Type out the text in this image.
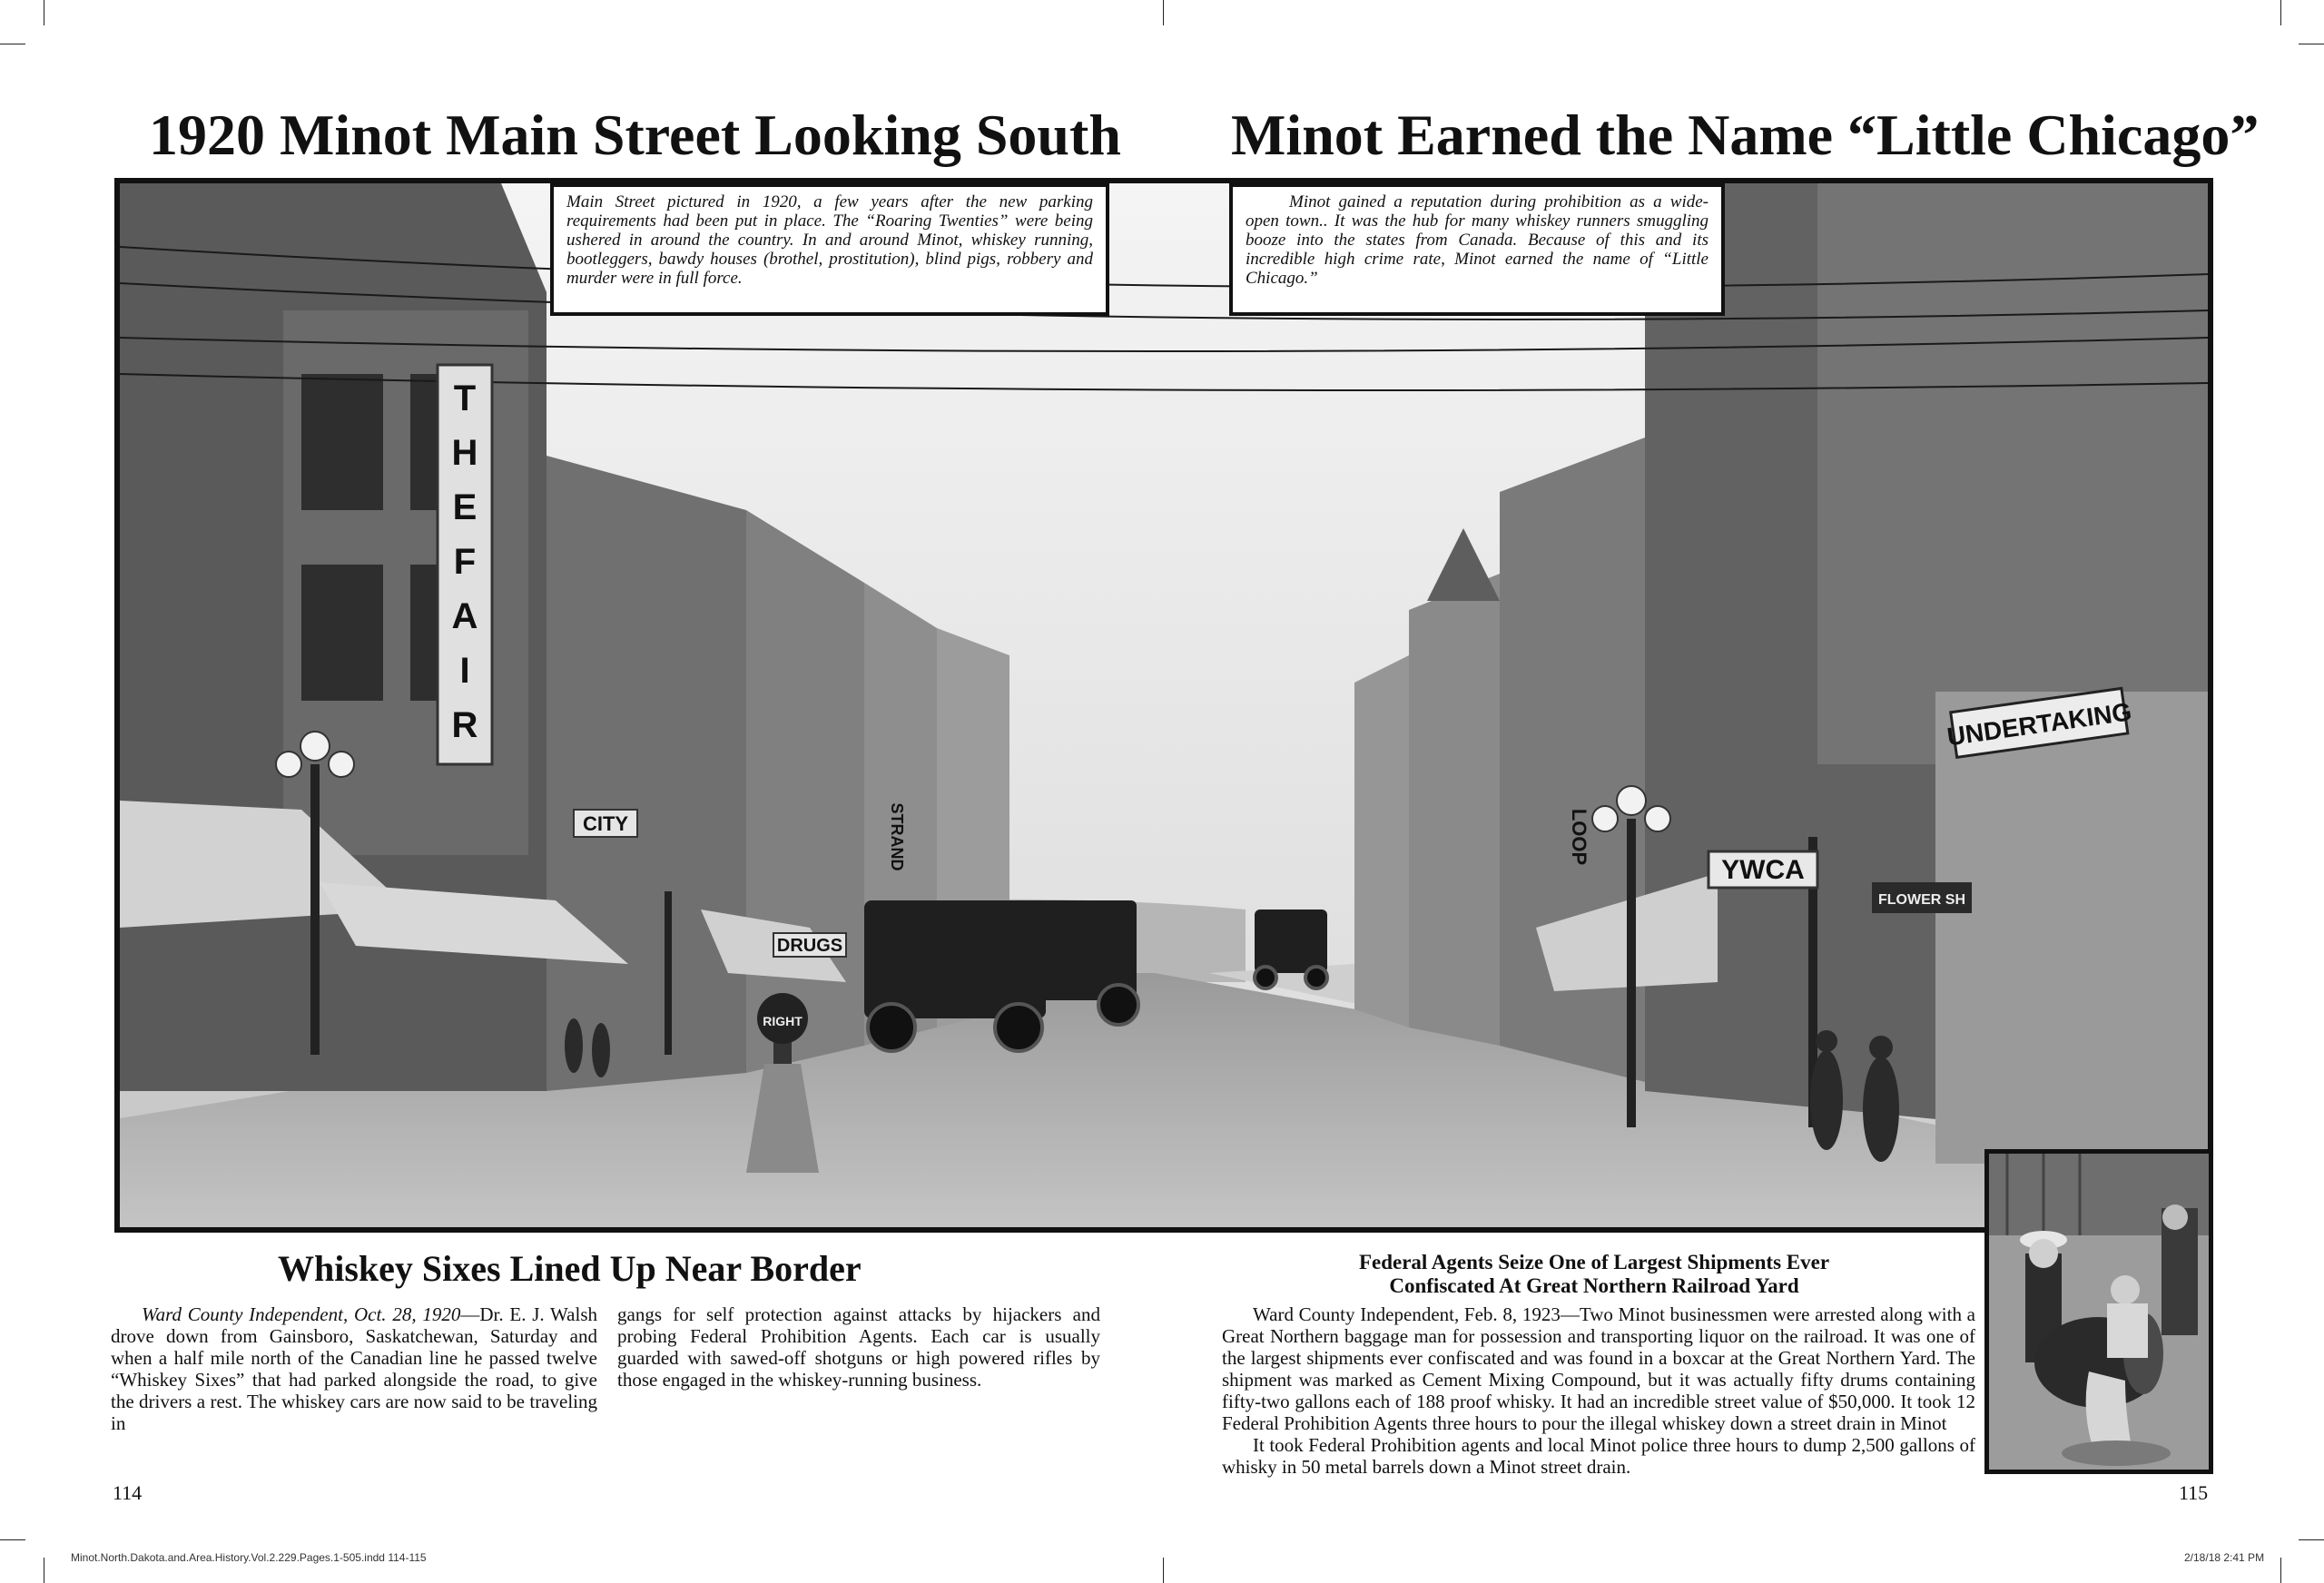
1920 Minot Main Street Looking South Minot Earned the Name “Little Chicago”
RIGHT
T
H
E
F
A
I
R
CITY
DRUGS
STRAND	LOOP
YWCA
FLOWER SH
UNDERTAKING
Main Street pictured in 1920, a few years after the new parking requirements had been put in place. The “Roaring Twenties” were being ushered in around the country. In and around Minot, whiskey running, bootleggers, bawdy houses (brothel, prostitution), blind pigs, robbery and murder were in full force.
Minot gained a reputation during prohibition as a wide-open town.. It was the hub for many whiskey runners smuggling booze into the states from Canada. Because of this and its incredible high crime rate, Minot earned the name of “Little Chicago.”
Whiskey Sixes Lined Up Near Border

Ward County Independent, Oct. 28, 1920—Dr. E. J. Walsh drove down from Gainsboro, Saskatchewan, Saturday and when a half mile north of the Canadian line he passed twelve “Whiskey Sixes” that had parked alongside the road, to give the drivers a rest. The whiskey cars are now said to be traveling in

gangs for self protection against attacks by hijackers and probing Federal Prohibition Agents. Each car is usually guarded with sawed-off shotguns or high powered rifles by those engaged in the whiskey-running business.
114
Federal Agents Seize One of Largest Shipments Ever
Confiscated At Great Northern Railroad Yard

Ward County Independent, Feb. 8, 1923—Two Minot businessmen were arrested along with a Great Northern baggage man for possession and transporting liquor on the railroad. It was one of the largest shipments ever confiscated and was found in a boxcar at the Great Northern Yard. The shipment was marked as Cement Mixing Compound, but it was actually fifty drums containing fifty-two gallons each of 188 proof whisky. It had an incredible street value of $50,000. It took 12 Federal Prohibition Agents three hours to pour the illegal whiskey down a street drain in Minot

It took Federal Prohibition agents and local Minot police three hours to dump 2,500 gallons of whisky in 50 metal barrels down a Minot street drain.

115
Minot.North.Dakota.and.Area.History.Vol.2.229.Pages.1-505.indd 114-115	2/18/18 2:41 PM
